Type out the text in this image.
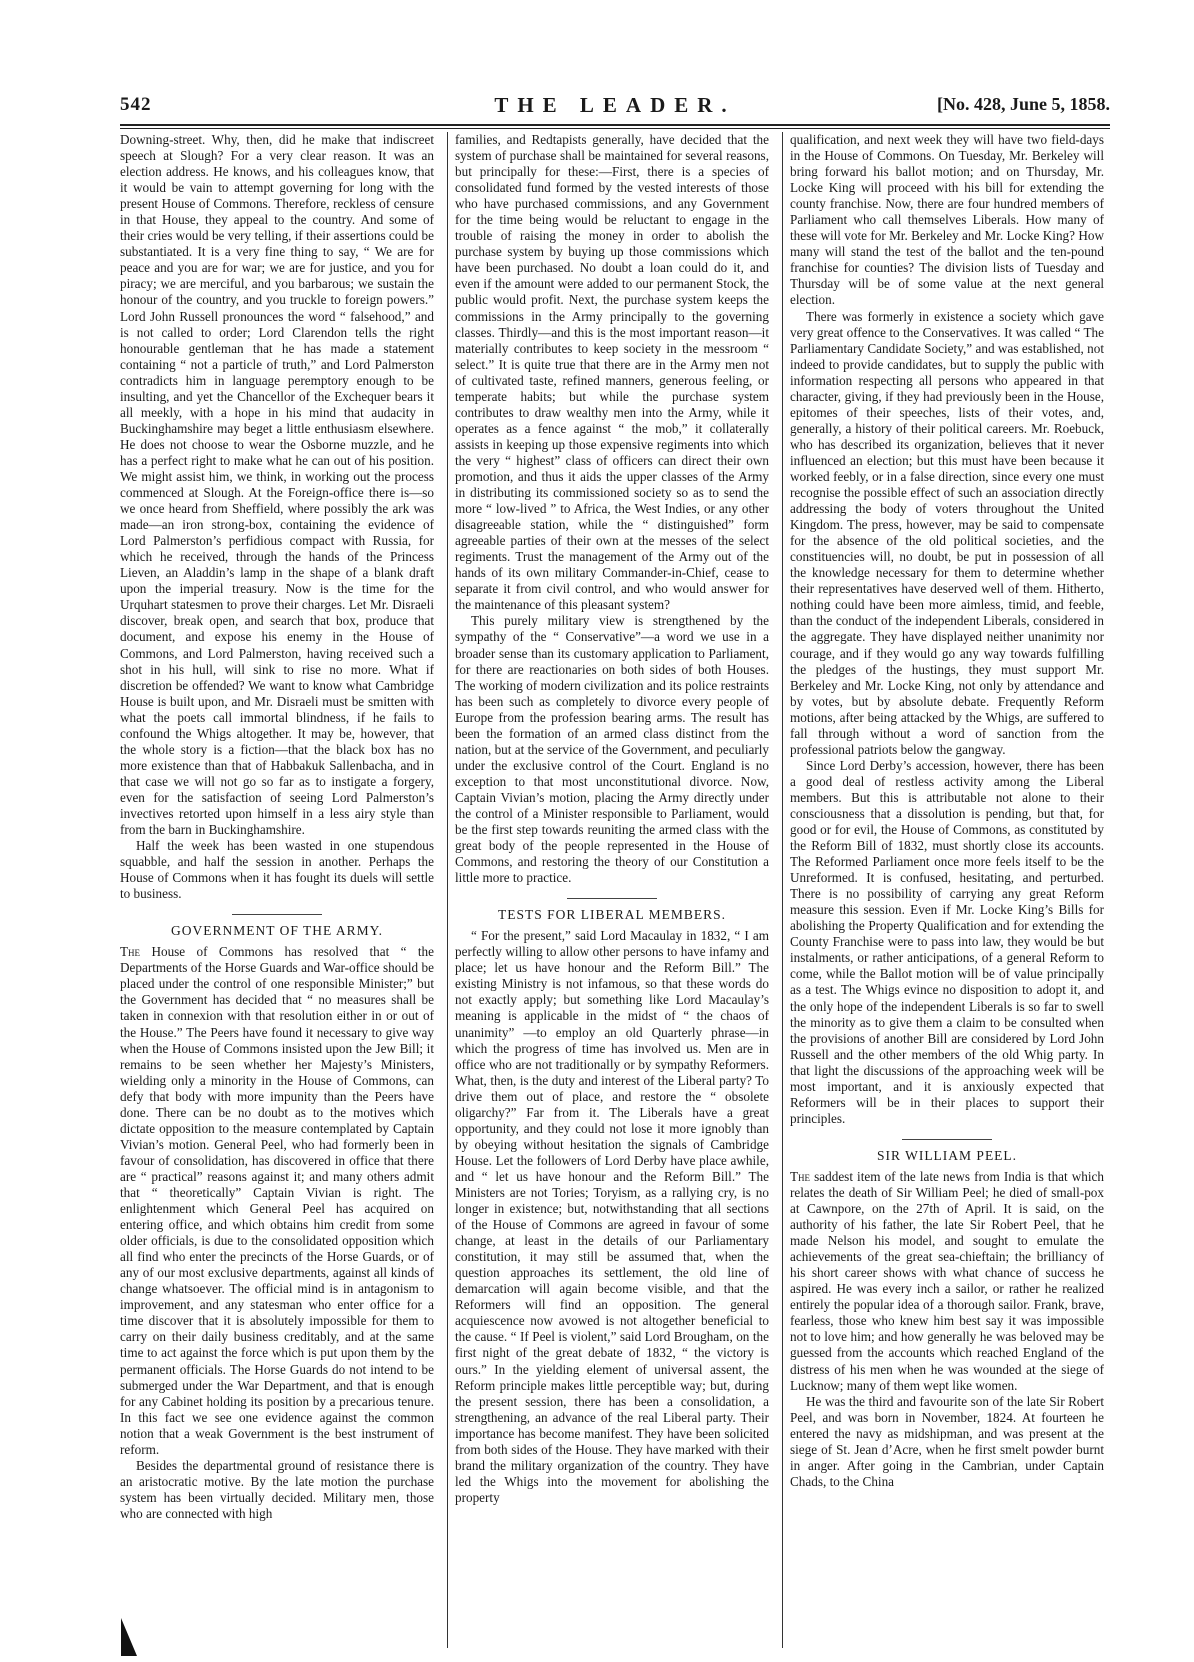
542	THE LEADER.	[No. 428, June 5, 1858.

Downing-street. Why, then, did he make that indiscreet speech at Slough? For a very clear reason. It was an election address. He knows, and his colleagues know, that it would be vain to attempt governing for long with the present House of Commons. Therefore, reckless of censure in that House, they appeal to the country. And some of their cries would be very telling, if their assertions could be substantiated. It is a very fine thing to say, “ We are for peace and you are for war; we are for justice, and you for piracy; we are merciful, and you barbarous; we sustain the honour of the country, and you truckle to foreign powers.” Lord John Russell pronounces the word “ falsehood,” and is not called to order; Lord Clarendon tells the right honourable gentleman that he has made a statement containing “ not a particle of truth,” and Lord Palmerston contradicts him in language peremptory enough to be insulting, and yet the Chancellor of the Exchequer bears it all meekly, with a hope in his mind that audacity in Buckinghamshire may beget a little enthusiasm elsewhere. He does not choose to wear the Osborne muzzle, and he has a perfect right to make what he can out of his position. We might assist him, we think, in working out the process commenced at Slough. At the Foreign-office there is—so we once heard from Sheffield, where possibly the ark was made—an iron strong-box, containing the evidence of Lord Palmerston’s perfidious compact with Russia, for which he received, through the hands of the Princess Lieven, an Aladdin’s lamp in the shape of a blank draft upon the imperial treasury. Now is the time for the Urquhart statesmen to prove their charges. Let Mr. Disraeli discover, break open, and search that box, produce that document, and expose his enemy in the House of Commons, and Lord Palmerston, having received such a shot in his hull, will sink to rise no more. What if discretion be offended? We want to know what Cambridge House is built upon, and Mr. Disraeli must be smitten with what the poets call immortal blindness, if he fails to confound the Whigs altogether. It may be, however, that the whole story is a fiction—that the black box has no more existence than that of Habbakuk Sallenbacha, and in that case we will not go so far as to instigate a forgery, even for the satisfaction of seeing Lord Palmerston’s invectives retorted upon himself in a less airy style than from the barn in Buckinghamshire.

Half the week has been wasted in one stupendous squabble, and half the session in another. Perhaps the House of Commons when it has fought its duels will settle to business.

GOVERNMENT OF THE ARMY.

The House of Commons has resolved that “ the Departments of the Horse Guards and War-office should be placed under the control of one responsible Minister;” but the Government has decided that “ no measures shall be taken in connexion with that resolution either in or out of the House.” The Peers have found it necessary to give way when the House of Commons insisted upon the Jew Bill; it remains to be seen whether her Majesty’s Ministers, wielding only a minority in the House of Commons, can defy that body with more impunity than the Peers have done. There can be no doubt as to the motives which dictate opposition to the measure contemplated by Captain Vivian’s motion. General Peel, who had formerly been in favour of consolidation, has discovered in office that there are “ practical” reasons against it; and many others admit that “ theoretically” Captain Vivian is right. The enlightenment which General Peel has acquired on entering office, and which obtains him credit from some older officials, is due to the consolidated opposition which all find who enter the precincts of the Horse Guards, or of any of our most exclusive departments, against all kinds of change whatsoever. The official mind is in antagonism to improvement, and any statesman who enter office for a time discover that it is absolutely impossible for them to carry on their daily business creditably, and at the same time to act against the force which is put upon them by the permanent officials. The Horse Guards do not intend to be submerged under the War Department, and that is enough for any Cabinet holding its position by a precarious tenure. In this fact we see one evidence against the common notion that a weak Government is the best instrument of reform.

Besides the departmental ground of resistance there is an aristocratic motive. By the late motion the purchase system has been virtually decided. Military men, those who are connected with high

families, and Redtapists generally, have decided that the system of purchase shall be maintained for several reasons, but principally for these:—First, there is a species of consolidated fund formed by the vested interests of those who have purchased commissions, and any Government for the time being would be reluctant to engage in the trouble of raising the money in order to abolish the purchase system by buying up those commissions which have been purchased. No doubt a loan could do it, and even if the amount were added to our permanent Stock, the public would profit. Next, the purchase system keeps the commissions in the Army principally to the governing classes. Thirdly—and this is the most important reason—it materially contributes to keep society in the messroom “ select.” It is quite true that there are in the Army men not of cultivated taste, refined manners, generous feeling, or temperate habits; but while the purchase system contributes to draw wealthy men into the Army, while it operates as a fence against “ the mob,” it collaterally assists in keeping up those expensive regiments into which the very “ highest” class of officers can direct their own promotion, and thus it aids the upper classes of the Army in distributing its commissioned society so as to send the more “ low-lived ” to Africa, the West Indies, or any other disagreeable station, while the “ distinguished” form agreeable parties of their own at the messes of the select regiments. Trust the management of the Army out of the hands of its own military Commander-in-Chief, cease to separate it from civil control, and who would answer for the maintenance of this pleasant system?

This purely military view is strengthened by the sympathy of the “ Conservative”—a word we use in a broader sense than its customary application to Parliament, for there are reactionaries on both sides of both Houses. The working of modern civilization and its police restraints has been such as completely to divorce every people of Europe from the profession bearing arms. The result has been the formation of an armed class distinct from the nation, but at the service of the Government, and peculiarly under the exclusive control of the Court. England is no exception to that most unconstitutional divorce. Now, Captain Vivian’s motion, placing the Army directly under the control of a Minister responsible to Parliament, would be the first step towards reuniting the armed class with the great body of the people represented in the House of Commons, and restoring the theory of our Constitution a little more to practice.

TESTS FOR LIBERAL MEMBERS.

“ For the present,” said Lord Macaulay in 1832, “ I am perfectly willing to allow other persons to have infamy and place; let us have honour and the Reform Bill.” The existing Ministry is not infamous, so that these words do not exactly apply; but something like Lord Macaulay’s meaning is applicable in the midst of “ the chaos of unanimity” —to employ an old Quarterly phrase—in which the progress of time has involved us. Men are in office who are not traditionally or by sympathy Reformers. What, then, is the duty and interest of the Liberal party? To drive them out of place, and restore the “ obsolete oligarchy?” Far from it. The Liberals have a great opportunity, and they could not lose it more ignobly than by obeying without hesitation the signals of Cambridge House. Let the followers of Lord Derby have place awhile, and “ let us have honour and the Reform Bill.” The Ministers are not Tories; Toryism, as a rallying cry, is no longer in existence; but, notwithstanding that all sections of the House of Commons are agreed in favour of some change, at least in the details of our Parliamentary constitution, it may still be assumed that, when the question approaches its settlement, the old line of demarcation will again become visible, and that the Reformers will find an opposition. The general acquiescence now avowed is not altogether beneficial to the cause. “ If Peel is violent,” said Lord Brougham, on the first night of the great debate of 1832, “ the victory is ours.” In the yielding element of universal assent, the Reform principle makes little perceptible way; but, during the present session, there has been a consolidation, a strengthening, an advance of the real Liberal party. Their importance has become manifest. They have been solicited from both sides of the House. They have marked with their brand the military organization of the country. They have led the Whigs into the movement for abolishing the property

qualification, and next week they will have two field-days in the House of Commons. On Tuesday, Mr. Berkeley will bring forward his ballot motion; and on Thursday, Mr. Locke King will proceed with his bill for extending the county franchise. Now, there are four hundred members of Parliament who call themselves Liberals. How many of these will vote for Mr. Berkeley and Mr. Locke King? How many will stand the test of the ballot and the ten-pound franchise for counties? The division lists of Tuesday and Thursday will be of some value at the next general election.

There was formerly in existence a society which gave very great offence to the Conservatives. It was called “ The Parliamentary Candidate Society,” and was established, not indeed to provide candidates, but to supply the public with information respecting all persons who appeared in that character, giving, if they had previously been in the House, epitomes of their speeches, lists of their votes, and, generally, a history of their political careers. Mr. Roebuck, who has described its organization, believes that it never influenced an election; but this must have been because it worked feebly, or in a false direction, since every one must recognise the possible effect of such an association directly addressing the body of voters throughout the United Kingdom. The press, however, may be said to compensate for the absence of the old political societies, and the constituencies will, no doubt, be put in possession of all the knowledge necessary for them to determine whether their representatives have deserved well of them. Hitherto, nothing could have been more aimless, timid, and feeble, than the conduct of the independent Liberals, considered in the aggregate. They have displayed neither unanimity nor courage, and if they would go any way towards fulfilling the pledges of the hustings, they must support Mr. Berkeley and Mr. Locke King, not only by attendance and by votes, but by absolute debate. Frequently Reform motions, after being attacked by the Whigs, are suffered to fall through without a word of sanction from the professional patriots below the gangway.

Since Lord Derby’s accession, however, there has been a good deal of restless activity among the Liberal members. But this is attributable not alone to their consciousness that a dissolution is pending, but that, for good or for evil, the House of Commons, as constituted by the Reform Bill of 1832, must shortly close its accounts. The Reformed Parliament once more feels itself to be the Unreformed. It is confused, hesitating, and perturbed. There is no possibility of carrying any great Reform measure this session. Even if Mr. Locke King’s Bills for abolishing the Property Qualification and for extending the County Franchise were to pass into law, they would be but instalments, or rather anticipations, of a general Reform to come, while the Ballot motion will be of value principally as a test. The Whigs evince no disposition to adopt it, and the only hope of the independent Liberals is so far to swell the minority as to give them a claim to be consulted when the provisions of another Bill are considered by Lord John Russell and the other members of the old Whig party. In that light the discussions of the approaching week will be most important, and it is anxiously expected that Reformers will be in their places to support their principles.

SIR WILLIAM PEEL.

The saddest item of the late news from India is that which relates the death of Sir William Peel; he died of small-pox at Cawnpore, on the 27th of April. It is said, on the authority of his father, the late Sir Robert Peel, that he made Nelson his model, and sought to emulate the achievements of the great sea-chieftain; the brilliancy of his short career shows with what chance of success he aspired. He was every inch a sailor, or rather he realized entirely the popular idea of a thorough sailor. Frank, brave, fearless, those who knew him best say it was impossible not to love him; and how generally he was beloved may be guessed from the accounts which reached England of the distress of his men when he was wounded at the siege of Lucknow; many of them wept like women.

He was the third and favourite son of the late Sir Robert Peel, and was born in November, 1824. At fourteen he entered the navy as midshipman, and was present at the siege of St. Jean d’Acre, when he first smelt powder burnt in anger. After going in the Cambrian, under Captain Chads, to the China
